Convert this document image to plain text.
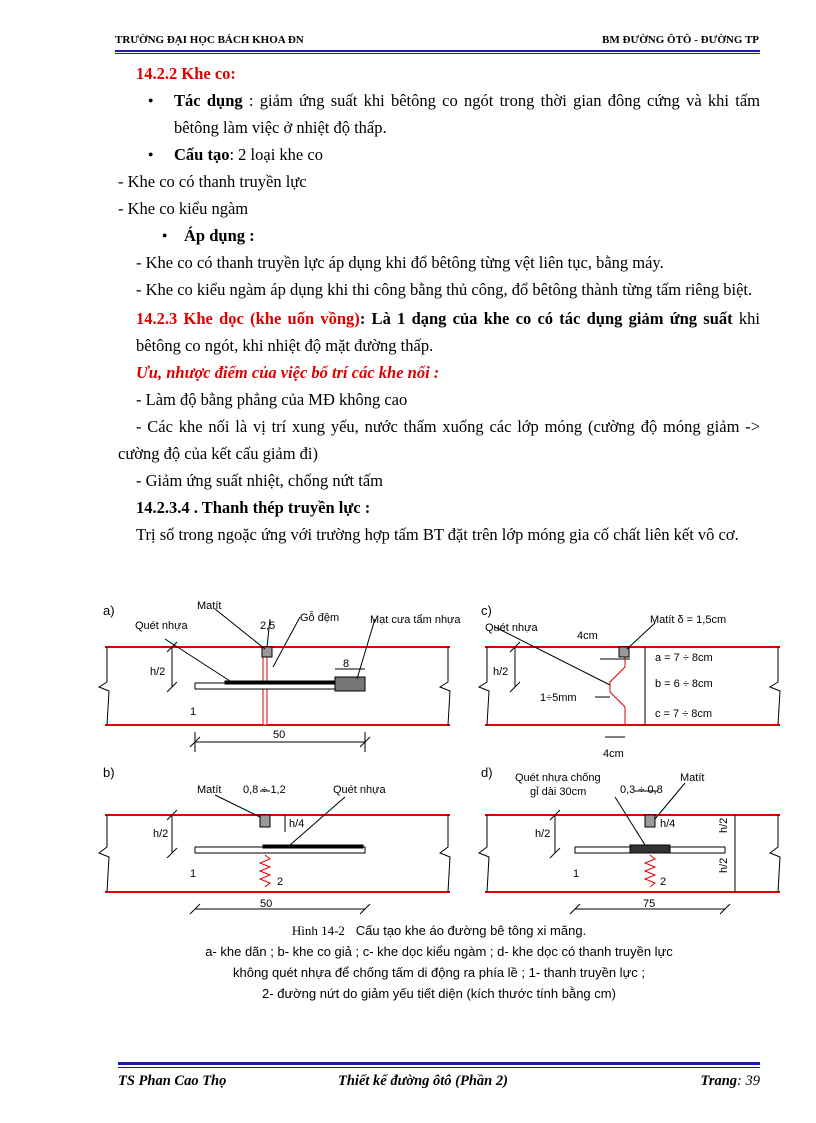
TRƯỜNG ĐẠI HỌC BÁCH KHOA ĐN	BM ĐƯỜNG ÔTÔ - ĐƯỜNG TP

14.2.2 Khe co:

● Tác dụng : giảm ứng suất khi bêtông co ngót trong thời gian đông cứng và khi tấm bêtông làm việc ở nhiệt độ thấp.

● Cấu tạo: 2 loại khe co

- Khe co có thanh truyền lực

- Khe co kiểu ngàm

● Áp dụng :

- Khe co có thanh truyền lực áp dụng khi đổ bêtông từng vệt liên tục, bằng máy.

- Khe co kiểu ngàm áp dụng khi thi công bằng thủ công, đổ bêtông thành từng tấm riêng biệt.

14.2.3 Khe dọc (khe uốn vồng): Là 1 dạng của khe co có tác dụng giảm ứng suất khi bêtông co ngót, khi nhiệt độ mặt đường thấp.

Ưu, nhược điểm của việc bố trí các khe nối :

- Làm độ bằng phẳng của MĐ không cao

- Các khe nối là vị trí xung yếu, nước thấm xuống các lớp móng (cường độ móng giảm -> cường độ của kết cấu giảm đi)

- Giảm ứng suất nhiệt, chống nứt tấm

14.2.3.4 . Thanh thép truyền lực :

Trị số trong ngoặc ứng với trường hợp tấm BT đặt trên lớp móng gia cố chất liên kết vô cơ.

a)	Matít
Quét nhựa
Gỗ đệm	Mạt cưa tẩm nhựa
2,5
8
h/2
1
50
b)
Matít 0,8 ÷ 1,2	Quét nhựa
h/2
h/4
1
2
50
c)
Quét nhựa
Matít δ = 1,5cm
4cm
a = 7 ÷ 8cm
b = 6 ÷ 8cm
c = 7 ÷ 8cm
h/2
1÷5mm
4cm
d) Quét nhựa chống
gỉ dài 30cm
Matít
0,3 ÷ 0,8
h/2
h/4
1
2
75
h/2
h/2
Hình 14-2 Cấu tạo khe áo đường bê tông xi măng.
a- khe dãn ; b- khe co giả ; c- khe dọc kiểu ngàm ; d- khe dọc có thanh truyền lực
không quét nhựa để chống tấm di động ra phía lề ; 1- thanh truyền lực ;
2- đường nứt do giảm yếu tiết diện (kích thước tính bằng cm)
TS Phan Cao Thọ	Thiết kế đường ôtô (Phần 2)	Trang: 39
